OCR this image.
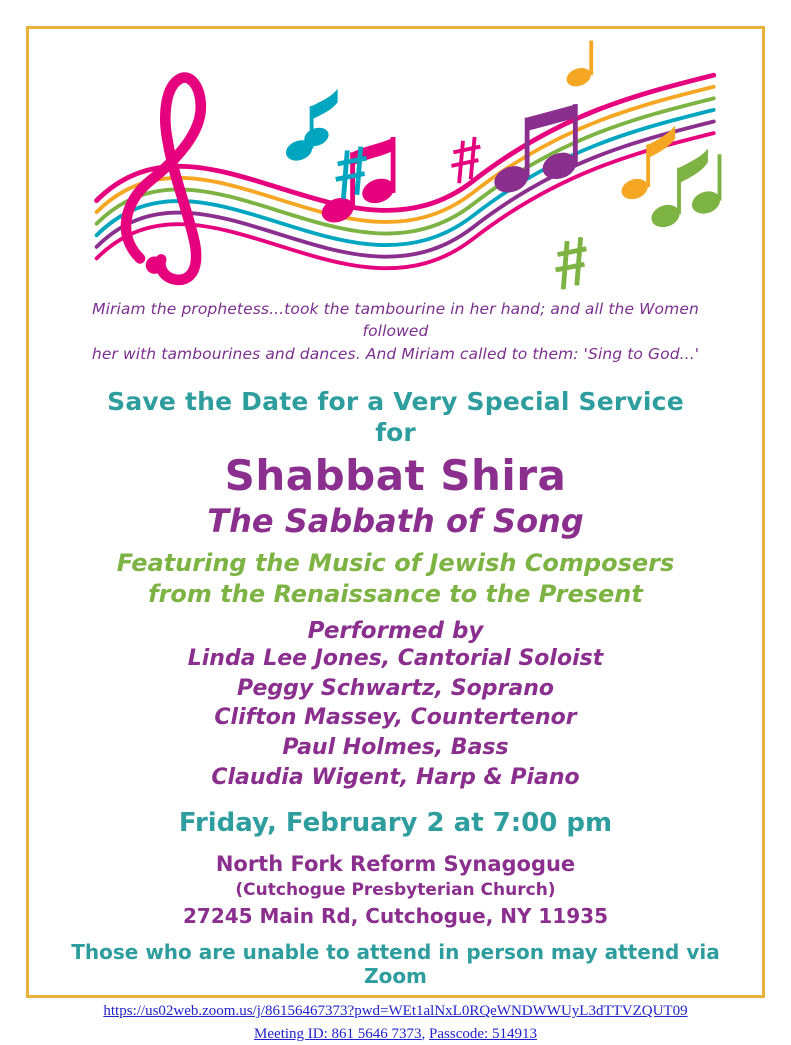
Miriam the prophetess...took the tambourine in her hand; and all the Women followed
her with tambourines and dances. And Miriam called to them: 'Sing to God...'
Save the Date for a Very Special Service
for
Shabbat Shira
The Sabbath of Song
Featuring the Music of Jewish Composers
from the Renaissance to the Present
Performed by
Linda Lee Jones, Cantorial Soloist
Peggy Schwartz, Soprano
Clifton Massey, Countertenor
Paul Holmes, Bass
Claudia Wigent, Harp & Piano
Friday, February 2 at 7:00 pm
North Fork Reform Synagogue
(Cutchogue Presbyterian Church)
27245 Main Rd, Cutchogue, NY 11935
Those who are unable to attend in person may attend via Zoom
https://us02web.zoom.us/j/86156467373?pwd=WEt1alNxL0RQeWNDWWUyL3dTTVZQUT09
Meeting ID: 861 5646 7373, Passcode: 514913
